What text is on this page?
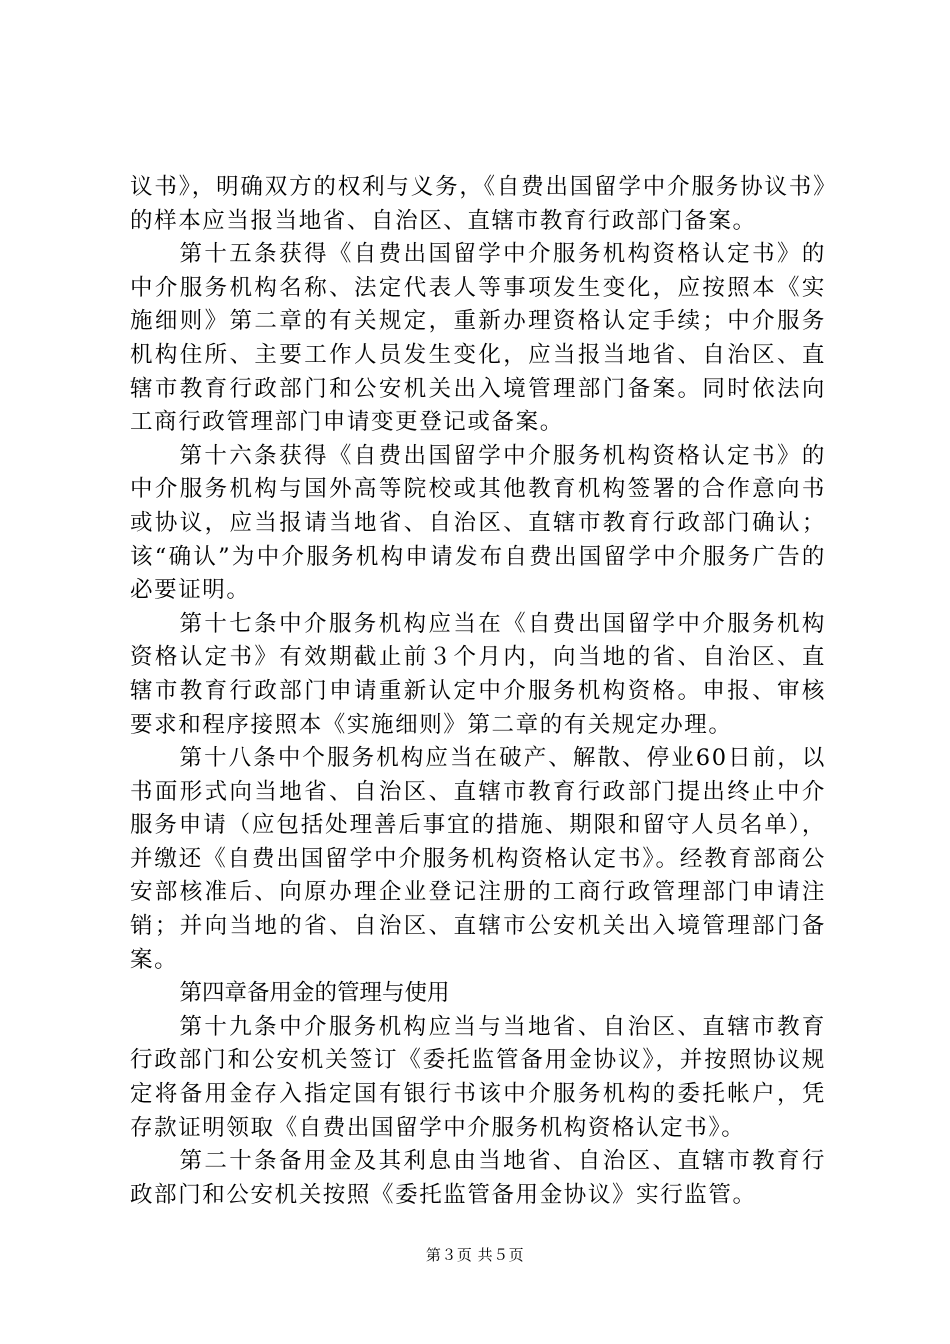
议书》，明确双方的权利与义务，《自费出国留学中介服务协议书》的样本应当报当地省、自治区、直辖市教育行政部门备案。

第十五条获得《自费出国留学中介服务机构资格认定书》的中介服务机构名称、法定代表人等事项发生变化，应按照本《实施细则》第二章的有关规定，重新办理资格认定手续；中介服务机构住所、主要工作人员发生变化，应当报当地省、自治区、直辖市教育行政部门和公安机关出入境管理部门备案。同时依法向工商行政管理部门申请变更登记或备案。

第十六条获得《自费出国留学中介服务机构资格认定书》的中介服务机构与国外高等院校或其他教育机构签署的合作意向书或协议，应当报请当地省、自治区、直辖市教育行政部门确认；该“确认”为中介服务机构申请发布自费出国留学中介服务广告的必要证明。

第十七条中介服务机构应当在《自费出国留学中介服务机构资格认定书》有效期截止前３个月内，向当地的省、自治区、直辖市教育行政部门申请重新认定中介服务机构资格。申报、审核要求和程序接照本《实施细则》第二章的有关规定办理。

第十八条中个服务机构应当在破产、解散、停业60日前，以书面形式向当地省、自治区、直辖市教育行政部门提出终止中介服务申请（应包括处理善后事宜的措施、期限和留守人员名单），并缴还《自费出国留学中介服务机构资格认定书》。经教育部商公安部核准后、向原办理企业登记注册的工商行政管理部门申请注销；并向当地的省、自治区、直辖市公安机关出入境管理部门备案。

第四章备用金的管理与使用

第十九条中介服务机构应当与当地省、自治区、直辖市教育行政部门和公安机关签订《委托监管备用金协议》，并按照协议规定将备用金存入指定国有银行书该中介服务机构的委托帐户，凭存款证明领取《自费出国留学中介服务机构资格认定书》。

第二十条备用金及其利息由当地省、自治区、直辖市教育行政部门和公安机关按照《委托监管备用金协议》实行监管。

第３页 共５页
